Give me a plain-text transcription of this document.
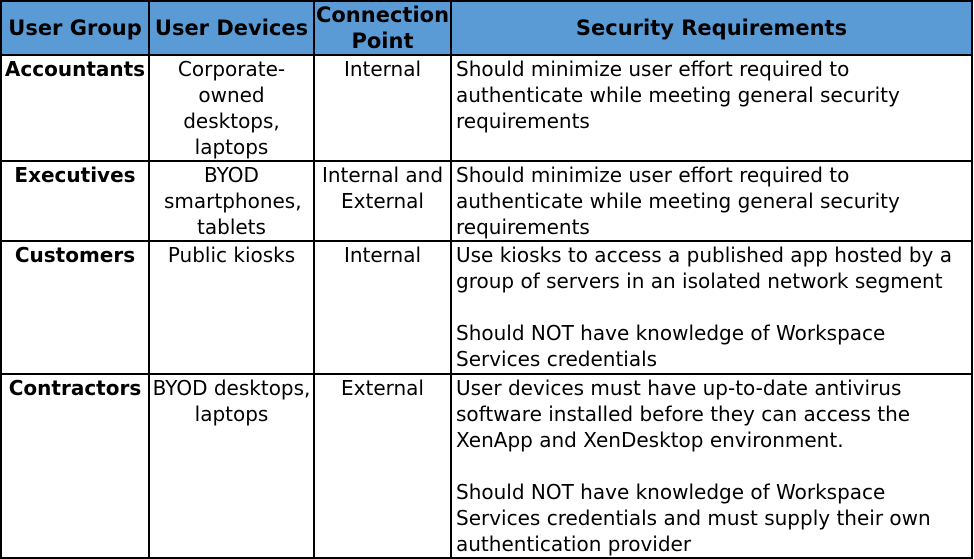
User Group	User Devices	Connection Point	Security Requirements
Accountants	Corporate-owned desktops, laptops	Internal	Should minimize user effort required to authenticate while meeting general security requirements

Executives	BYOD smartphones, tablets	Internal and External	Should minimize user effort required to authenticate while meeting general security requirements

Customers	Public kiosks	Internal	Use kiosks to access a published app hosted by a group of servers in an isolated network segment
Should NOT have knowledge of Workspace Services credentials

Contractors	BYOD desktops, laptops	External	User devices must have up-to-date antivirus software installed before they can access the XenApp and XenDesktop environment.
Should NOT have knowledge of Workspace Services credentials and must supply their own authentication provider
